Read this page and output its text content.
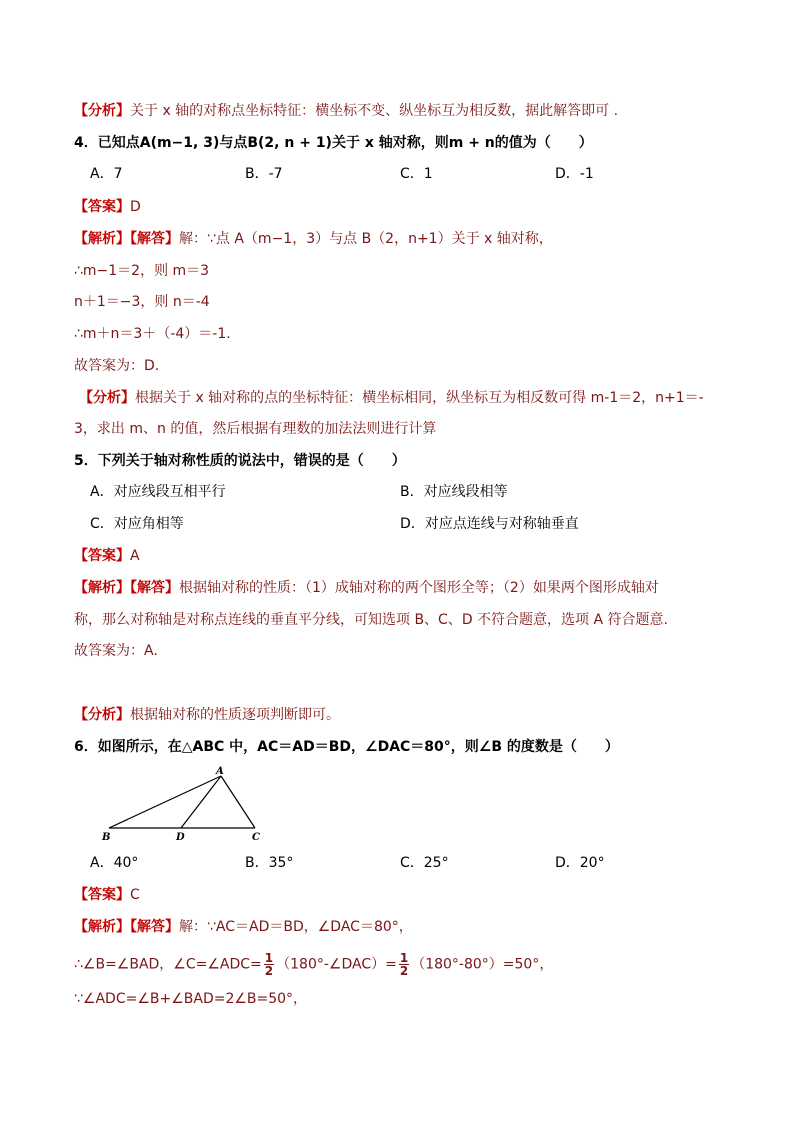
【分析】关于 x 轴的对称点坐标特征：横坐标不变、纵坐标互为相反数，据此解答即可 .
4．已知点A(m−1, 3)与点B(2, n + 1)关于 x 轴对称，则m + n的值为（　　）
A．7	B．-7	C．1	D．-1
【答案】D
【解析】【解答】解：∵点 A（m−1，3）与点 B（2，n+1）关于 x 轴对称，
∴m−1＝2，则 m＝3
n＋1＝−3，则 n＝-4
∴m＋n＝3＋（-4）＝-1.
故答案为：D.
【分析】根据关于 x 轴对称的点的坐标特征：横坐标相同，纵坐标互为相反数可得 m-1＝2，n+1＝-
3，求出 m、n 的值，然后根据有理数的加法法则进行计算
5．下列关于轴对称性质的说法中，错误的是（　　）
A．对应线段互相平行	B．对应线段相等
C．对应角相等	D．对应点连线与对称轴垂直
【答案】A
【解析】【解答】根据轴对称的性质：（1）成轴对称的两个图形全等；（2）如果两个图形成轴对
称，那么对称轴是对称点连线的垂直平分线，可知选项 B、C、D 不符合题意，选项 A 符合题意.
故答案为：A.
【分析】根据轴对称的性质逐项判断即可。
6．如图所示，在△ABC 中，AC＝AD＝BD，∠DAC＝80°，则∠B 的度数是（　　）
A
B	D	C
A．40°	B．35°	C．25°	D．20°
【答案】C
【解析】【解答】解：∵AC＝AD＝BD，∠DAC＝80°，
∴∠B=∠BAD，∠C=∠ADC= $\frac{1}{2}$ （180°-∠DAC）= $\frac{1}{2} (180^\circ-80^\circ)=50^\circ$，
∵∠ADC=∠B+∠BAD=2∠B=50°，
